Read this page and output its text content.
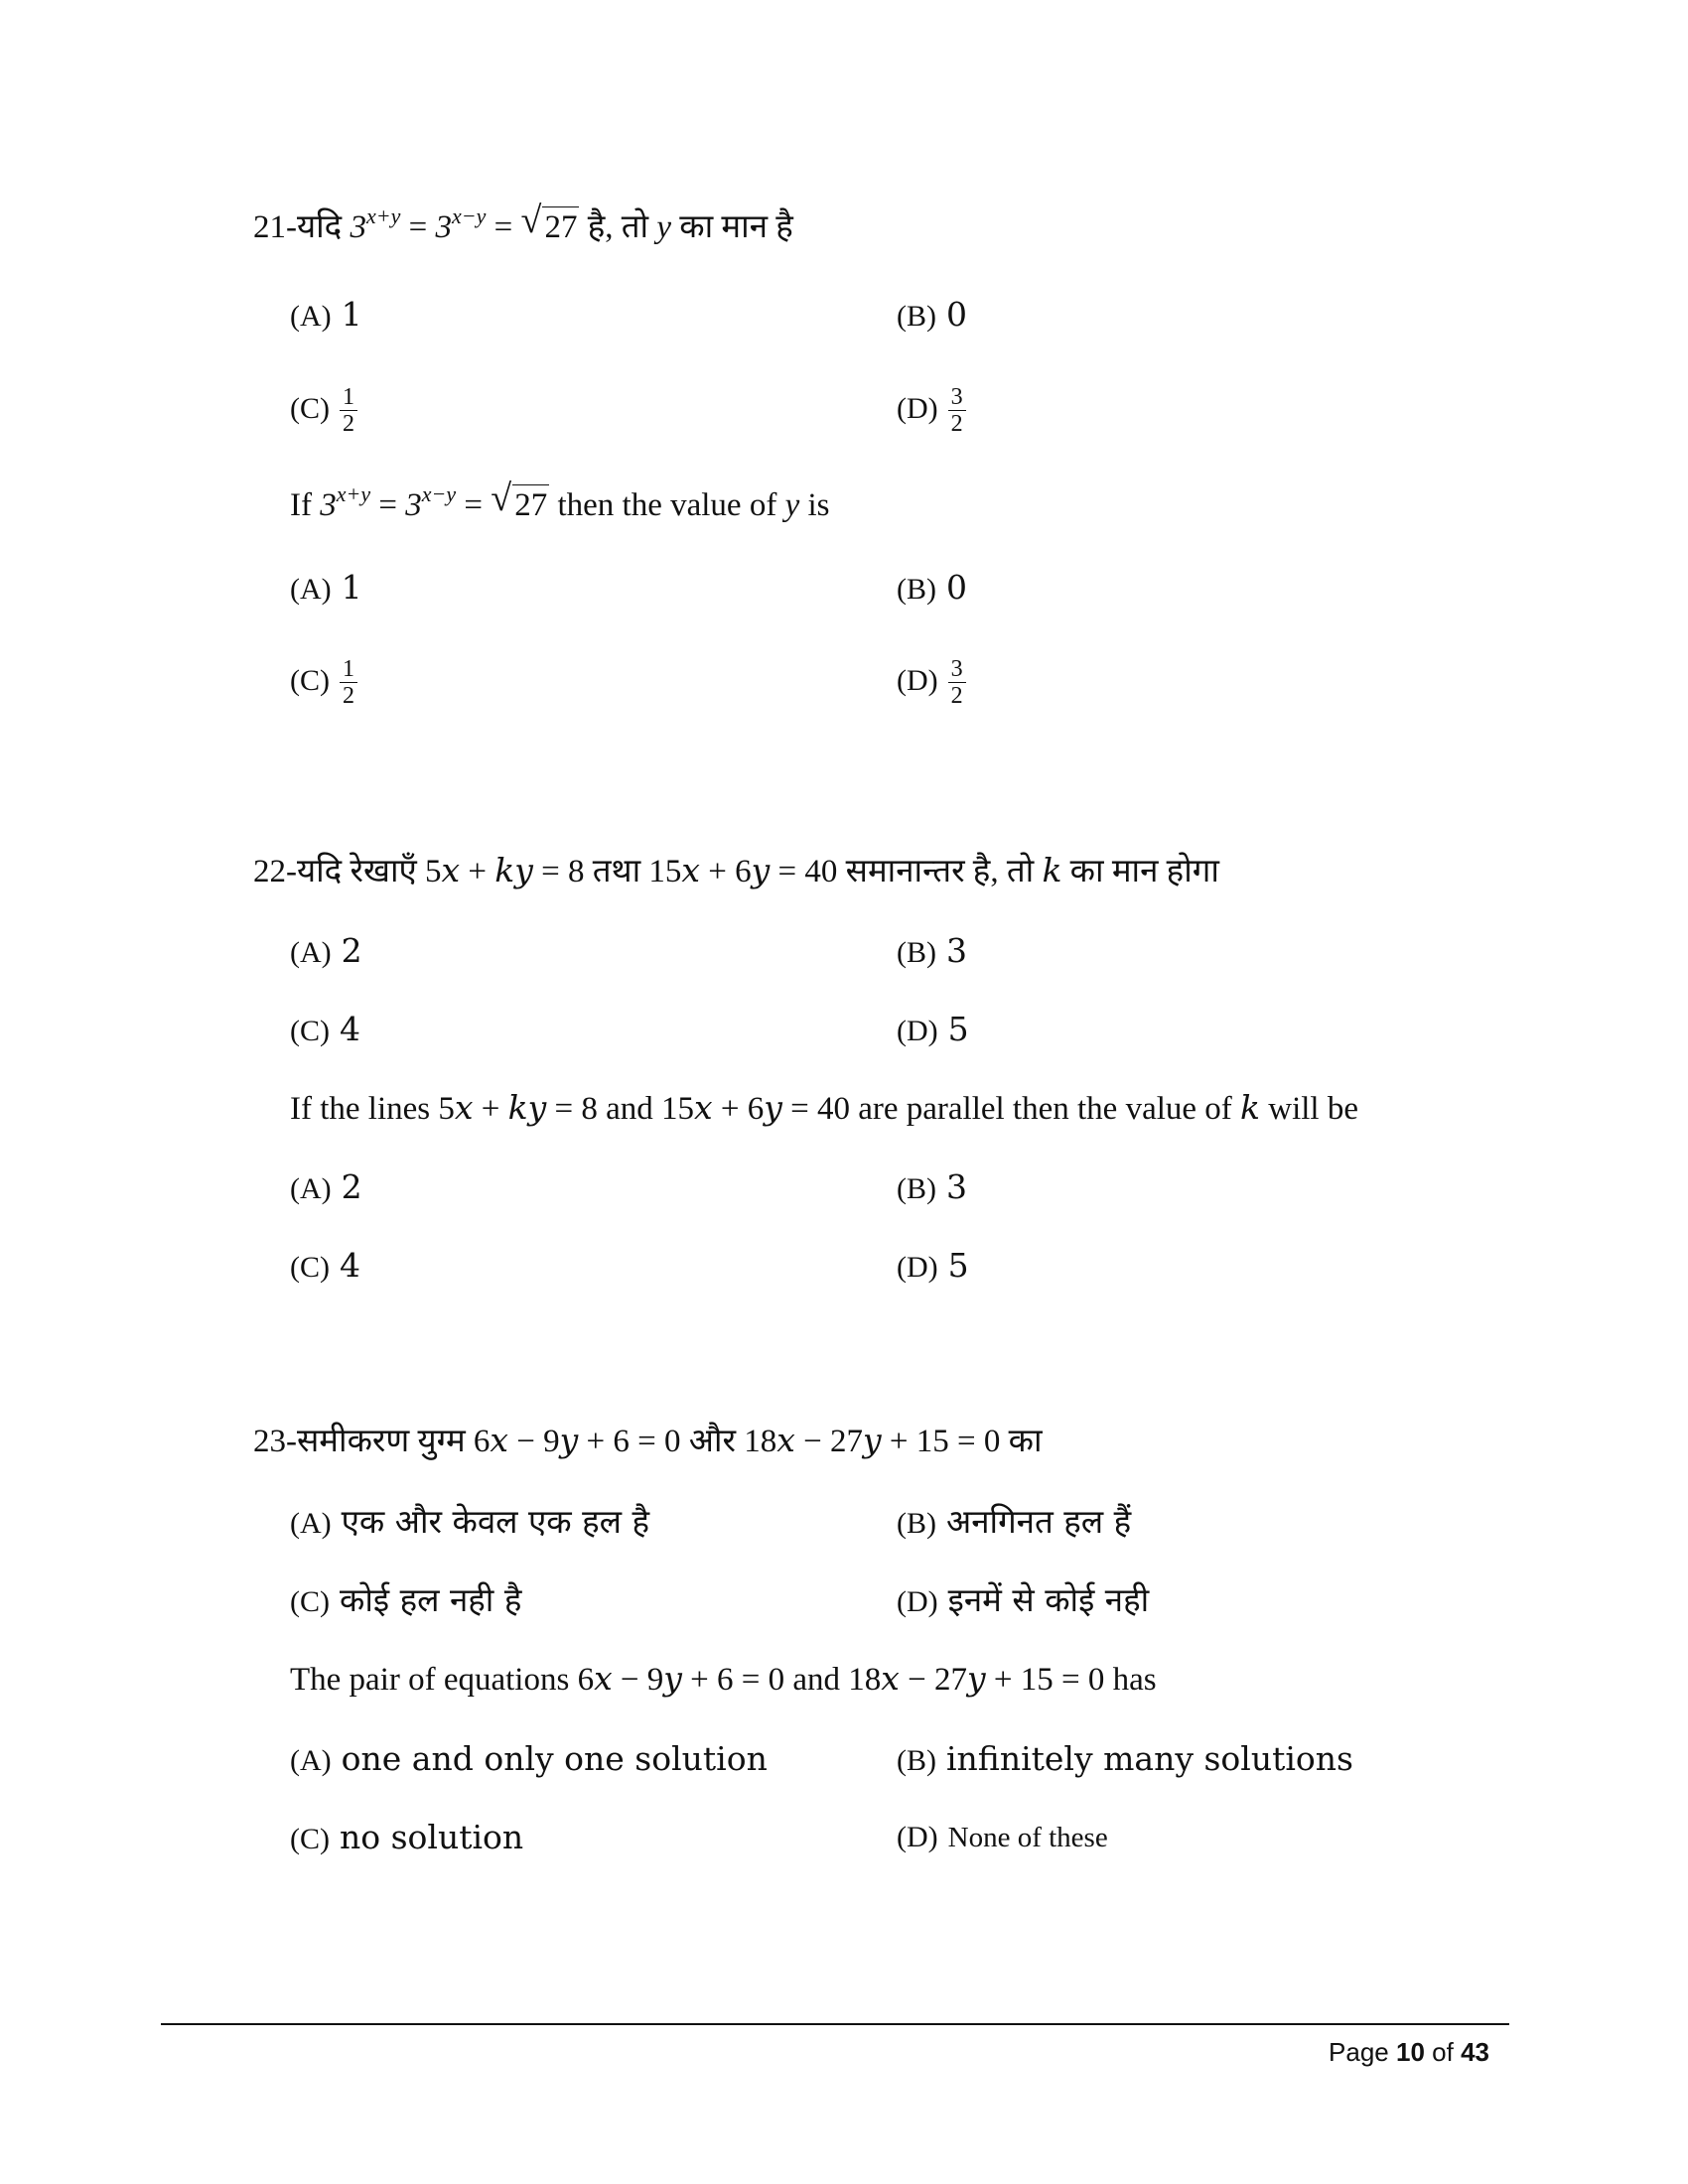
21-यदि $3^{x+y} = 3^{x-y}$ = √ 27 है, तो y का मान है
(A) 1	(B) 0
$(C) \frac{1}{2}$	$(D) \frac{3}{2}$
If $3^{x+y} = 3^{x-y}$ = √ 27 then the value of y is
(A) 1	(B) 0
$(C) \frac{1}{2}$	$(D) \frac{3}{2}$
22-यदि रेखाएँ 5𝑥 + 𝑘𝑦 = 8 तथा 15𝑥 + 6𝑦 = 40 समानान्तर है, तो 𝑘 का मान होगा
(A) 2	(B) 3
(C) 4	(D) 5
If the lines 5𝑥 + 𝑘𝑦 = 8 and 15𝑥 + 6𝑦 = 40 are parallel then the value of 𝑘 will be
(A) 2	(B) 3
(C) 4	(D) 5
23-समीकरण युग्म 6𝑥 − 9𝑦 + 6 = 0 और 18𝑥 − 27𝑦 + 15 = 0 का
(A) एक और केवल एक हल है	(B) अनगिनत हल हैं
(C) कोई हल नही है	(D) इनमें से कोई नही
The pair of equations 6𝑥 − 9𝑦 + 6 = 0 and 18𝑥 − 27𝑦 + 15 = 0 has
(A) one and only one solution	(B) infinitely many solutions
(C) no solution	(D) None of these
Page 10 of 43
